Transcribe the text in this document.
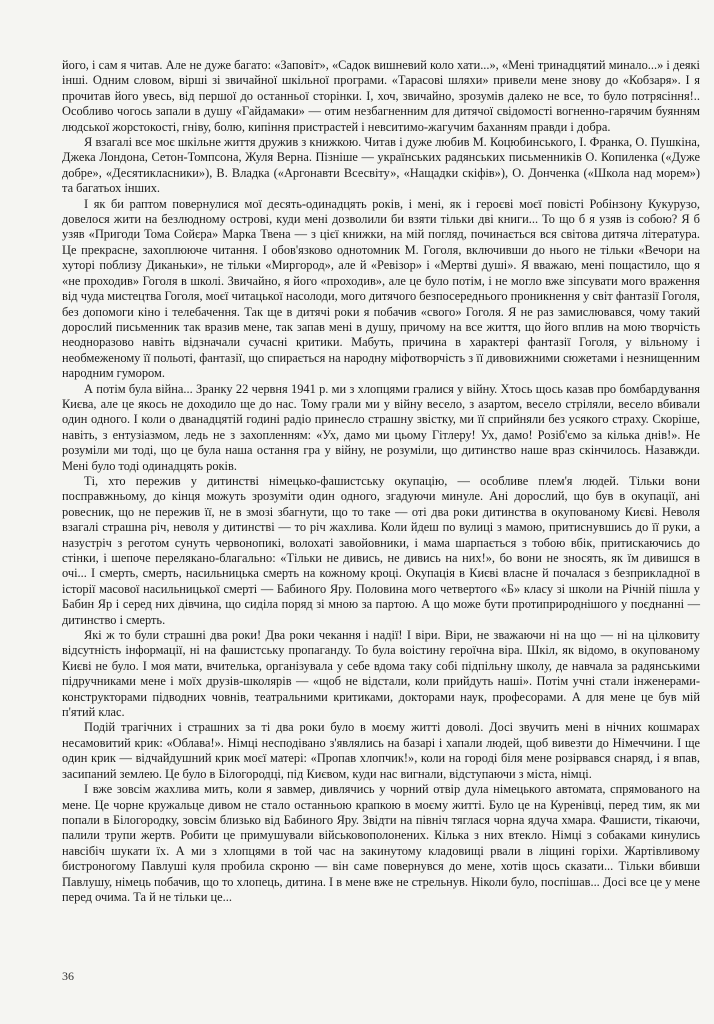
його, і сам я читав. Але не дуже багато: «Заповіт», «Садок вишневий коло хати...», «Мені тринадцятий минало...» і деякі інші. Одним словом, вірші зі звичайної шкільної програми. «Тарасові шляхи» привели мене знову до «Кобзаря». І я прочитав його увесь, від першої до останньої сторінки. І, хоч, звичайно, зрозумів далеко не все, то було потрясіння!.. Особливо чогось запали в душу «Гайдамаки» — отим незбагненним для дитячої свідомості вогненно-гарячим буянням людської жорстокості, гніву, болю, кипіння пристрастей і невситимо-жагучим баханням правди і добра.

Я взагалі все моє шкільне життя дружив з книжкою. Читав і дуже любив М. Коцюбинського, І. Франка, О. Пушкіна, Джека Лондона, Сетон-Томпсона, Жуля Верна. Пізніше — українських радянських письменників О. Копиленка («Дуже добре», «Десятикласники»), В. Владка («Аргонавти Всесвіту», «Нащадки скіфів»), О. Донченка («Школа над морем») та багатьох інших.

І як би раптом повернулися мої десять-одинадцять років, і мені, як і героєві моєї повісті Робінзону Кукурузо, довелося жити на безлюдному острові, куди мені дозволили би взяти тільки дві книги... То що б я узяв із собою? Я б узяв «Пригоди Тома Сойєра» Марка Твена — з цієї книжки, на мій погляд, починається вся світова дитяча література. Це прекрасне, захоплююче читання. І обов'язково однотомник М. Гоголя, включивши до нього не тільки «Вечори на хуторі поблизу Диканьки», не тільки «Миргород», але й «Ревізор» і «Мертві душі». Я вважаю, мені пощастило, що я «не проходив» Гоголя в школі. Звичайно, я його «проходив», але це було потім, і не могло вже зіпсувати мого враження від чуда мистецтва Гоголя, моєї читацької насолоди, мого дитячого безпосереднього проникнення у світ фантазії Гоголя, без допомоги кіно і телебачення. Так ще в дитячі роки я побачив «свого» Гоголя. Я не раз замислювався, чому такий дорослий письменник так вразив мене, так запав мені в душу, причому на все життя, що його вплив на мою творчість неодноразово навіть відзначали сучасні критики. Мабуть, причина в характері фантазії Гоголя, у вільному і необмеженому її польоті, фантазії, що спирається на народну міфотворчість з її дивовижними сюжетами і незнищенним народним гумором.

А потім була війна... Зранку 22 червня 1941 р. ми з хлопцями гралися у війну. Хтось щось казав про бомбардування Києва, але це якось не доходило ще до нас. Тому грали ми у війну весело, з азартом, весело стріляли, весело вбивали один одного. І коли о дванадцятій годині радіо принесло страшну звістку, ми її сприйняли без усякого страху. Скоріше, навіть, з ентузіазмом, ледь не з захопленням: «Ух, дамо ми цьому Гітлеру! Ух, дамо! Розіб'ємо за кілька днів!». Не розуміли ми тоді, що це була наша остання гра у війну, не розуміли, що дитинство наше враз скінчилось. Назавжди. Мені було тоді одинадцять років.

Ті, хто пережив у дитинстві німецько-фашистську окупацію, — особливе плем'я людей. Тільки вони посправжньому, до кінця можуть зрозуміти один одного, згадуючи минуле. Ані дорослий, що був в окупації, ані ровесник, що не пережив її, не в змозі збагнути, що то таке — оті два роки дитинства в окупованому Києві. Неволя взагалі страшна річ, неволя у дитинстві — то річ жахлива. Коли йдеш по вулиці з мамою, притиснувшись до її руки, а назустріч з реготом сунуть червонопикі, волохаті завойовники, і мама шарпається з тобою вбік, притискаючись до стінки, і шепоче перелякано-благально: «Тільки не дивись, не дивись на них!», бо вони не зносять, як їм дивишся в очі... І смерть, смерть, насильницька смерть на кожному кроці. Окупація в Києві власне й почалася з безприкладної в історії масової насильницької смерті — Бабиного Яру. Половина мого четвертого «Б» класу зі школи на Річній пішла у Бабин Яр і серед них дівчина, що сиділа поряд зі мною за партою. А що може бути протиприроднішого у поєднанні — дитинство і смерть.

Які ж то були страшні два роки! Два роки чекання і надії! І віри. Віри, не зважаючи ні на що — ні на цілковиту відсутність інформації, ні на фашистську пропаганду. То була воістину героїчна віра. Шкіл, як відомо, в окупованому Києві не було. І моя мати, вчителька, організувала у себе вдома таку собі підпільну школу, де навчала за радянськими підручниками мене і моїх друзів-школярів — «щоб не відстали, коли прийдуть наші». Потім учні стали інженерами-конструкторами підводних човнів, театральними критиками, докторами наук, професорами. А для мене це був мій п'ятий клас.

Подій трагічних і страшних за ті два роки було в моєму житті доволі. Досі звучить мені в нічних кошмарах несамовитий крик: «Облава!». Німці несподівано з'являлись на базарі і хапали людей, щоб вивезти до Німеччини. І ще один крик — відчайдушний крик моєї матері: «Пропав хлопчик!», коли на городі біля мене розірвався снаряд, і я впав, засипаний землею. Це було в Білогородці, під Києвом, куди нас вигнали, відступаючи з міста, німці.

І вже зовсім жахлива мить, коли я завмер, дивлячись у чорний отвір дула німецького автомата, спрямованого на мене. Це чорне кружальце дивом не стало останньою крапкою в моєму житті. Було це на Куренівці, перед тим, як ми попали в Білогородку, зовсім близько від Бабиного Яру. Звідти на північ тяглася чорна ядуча хмара. Фашисти, тікаючи, палили трупи жертв. Робити це примушували військовополонених. Кілька з них втекло. Німці з собаками кинулись навсібіч шукати їх. А ми з хлопцями в той час на закинутому кладовищі рвали в ліщині горіхи. Жартівливому бистроногому Павлуші куля пробила скроню — він саме повернувся до мене, хотів щось сказати... Тільки вбивши Павлушу, німець побачив, що то хлопець, дитина. І в мене вже не стрельнув. Ніколи було, поспішав... Досі все це у мене перед очима. Та й не тільки це...

36
